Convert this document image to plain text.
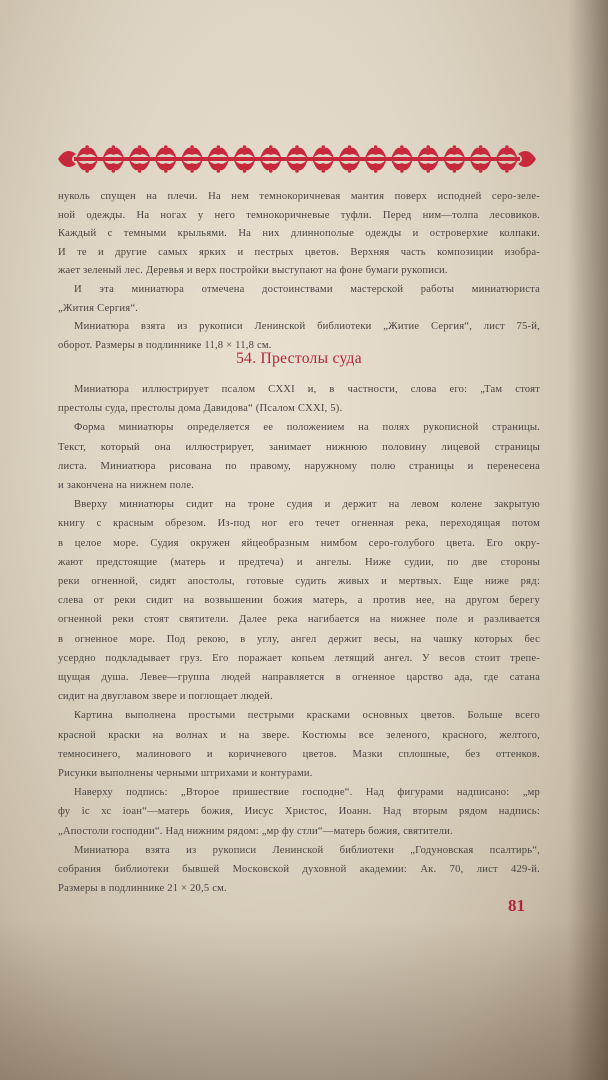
нуколь спущен на плечи. На нем темнокоричневая мантия поверх исподней серо-зеле-

ной одежды. На ногах у него темнокоричневые туфли. Перед ним—толпа лесовиков.

Каждый с темными крыльями. На них длиннополые одежды и островерхие колпаки.

И те и другие самых ярких и пестрых цветов. Верхняя часть композиции изобра-

жает зеленый лес. Деревья и верх постройки выступают на фоне бумаги рукописи.

И эта миниатюра отмечена достоинствами мастерской работы миниатюриста

„Жития Сергия“.

Миниатюра взята из рукописи Ленинской библиотеки „Житие Сергия“, лист 75-й,

оборот. Размеры в подлиннике 11,8 × 11,8 см.

54. Престолы суда

Миниатюра иллюстрирует псалом CXXI и, в частности, слова его: „Там стоят

престолы суда, престолы дома Давидова“ (Псалом CXXI, 5).

Форма миниатюры определяется ее положением на полях рукописной страницы.

Текст, который она иллюстрирует, занимает нижнюю половину лицевой страницы

листа. Миниатюра рисована по правому, наружному полю страницы и перенесена

и закончена на нижнем поле.

Вверху миниатюры сидит на троне судия и держит на левом колене закрытую

книгу с красным обрезом. Из-под ног его течет огненная река, переходящая потом

в целое море. Судия окружен яйцеобразным нимбом серо-голубого цвета. Его окру-

жают предстоящие (матерь и предтеча) и ангелы. Ниже судии, по две стороны

реки огненной, сидят апостолы, готовые судить живых и мертвых. Еще ниже ряд:

слева от реки сидит на возвышении божия матерь, а против нее, на другом берегу

огненной реки стоят святители. Далее река нагибается на нижнее поле и разливается

в огненное море. Под рекою, в углу, ангел держит весы, на чашку которых бес

усердно подкладывает груз. Его поражает копьем летящий ангел. У весов стоит трепе-

щущая душа. Левее—группа людей направляется в огненное царство ада, где сатана

сидит на двуглавом звере и поглощает людей.

Картина выполнена простыми пестрыми красками основных цветов. Больше всего

красной краски на волнах и на звере. Костюмы все зеленого, красного, желтого,

темносинего, малинового и коричневого цветов. Мазки сплошные, без оттенков.

Рисунки выполнены черными штрихами и контурами.

Наверху подпись: „Второе пришествие господне“. Над фигурами надписано: „мр

фу іс хс іоан“—матерь божия, Иисус Христос, Иоанн. Над вторым рядом надпись:

„Апостоли господни“. Над нижним рядом: „мр фу стли“—матерь божия, святители.

Миниатюра взята из рукописи Ленинской библиотеки „Годуновская псалтирь“,

собрания библиотеки бывшей Московской духовной академии: Ак. 70, лист 429-й.

Размеры в подлиннике 21 × 20,5 см.

81
